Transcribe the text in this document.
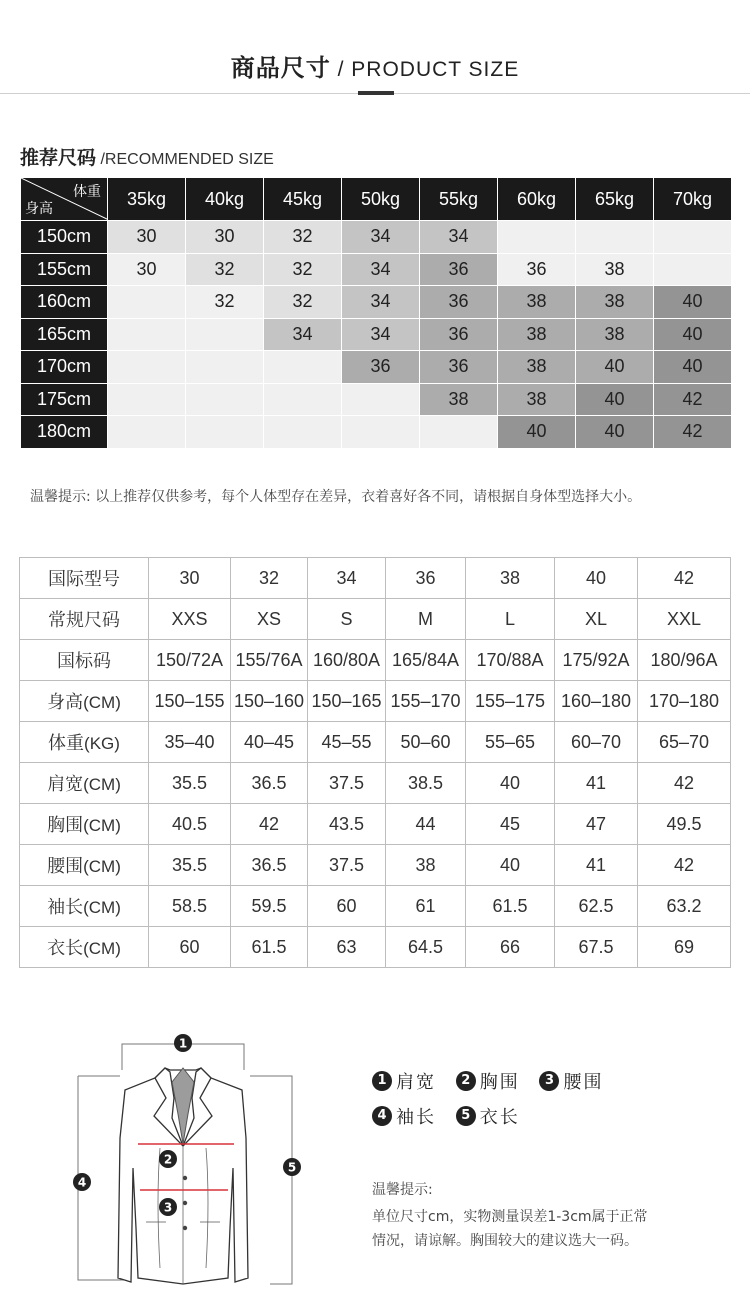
商品尺寸 / PRODUCT SIZE
推荐尺码 /RECOMMENDED SIZE
体重
身高	35kg	40kg	45kg	50kg	55kg	60kg	65kg	70kg
150cm	30	30	32	34	34			
155cm	30	32	32	34	36	36	38	
160cm		32	32	34	36	38	38	40
165cm			34	34	36	38	38	40
170cm				36	36	38	40	40
175cm					38	38	40	42
180cm						40	40	42
温馨提示: 以上推荐仅供参考，每个人体型存在差异，衣着喜好各不同，请根据自身体型选择大小。
国际型号	30	32	34	36	38	40	42
常规尺码	XXS	XS	S	M	L	XL	XXL
国标码	150/72A	155/76A	160/80A	165/84A	170/88A	175/92A	180/96A
身高(CM)	150–155	150–160	150–165	155–170	155–175	160–180	170–180
体重(KG)	35–40	40–45	45–55	50–60	55–65	60–70	65–70
肩宽(CM)	35.5	36.5	37.5	38.5	40	41	42
胸围(CM)	40.5	42	43.5	44	45	47	49.5
腰围(CM)	35.5	36.5	37.5	38	40	41	42
袖长(CM)	58.5	59.5	60	61	61.5	62.5	63.2
衣长(CM)	60	61.5	63	64.5	66	67.5	69
1
2
3
4
5
1 肩宽 2 胸围 3 腰围
4 袖长 5 衣长
温馨提示:
单位尺寸cm，实物测量误差1-3cm属于正常
情况，请谅解。胸围较大的建议选大一码。
